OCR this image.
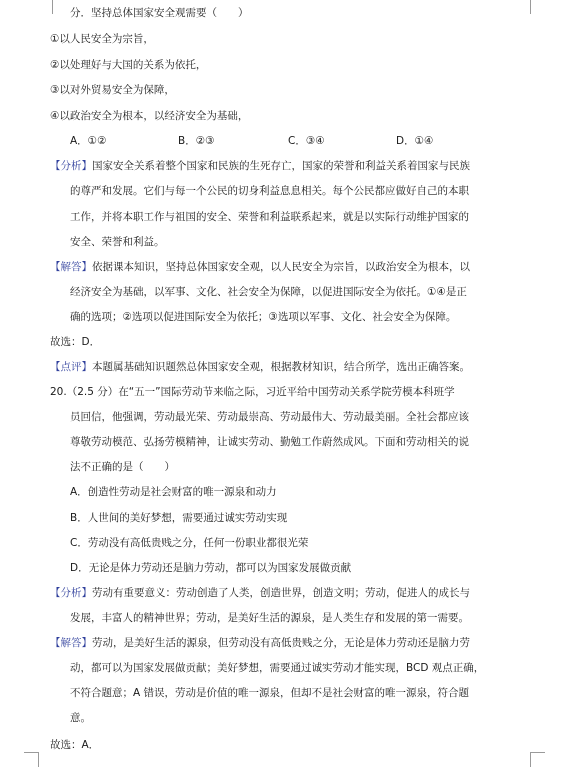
分．坚持总体国家安全观需要（　　）
①以人民安全为宗旨，
②以处理好与大国的关系为依托，
③以对外贸易安全为保障，
④以政治安全为根本，以经济安全为基础，
A．①②	B．②③	C．③④	D．①④
【分析】国家安全关系着整个国家和民族的生死存亡，国家的荣誉和利益关系着国家与民族
的尊严和发展。它们与每一个公民的切身利益息息相关。每个公民都应做好自己的本职
工作，并将本职工作与祖国的安全、荣誉和利益联系起来，就是以实际行动维护国家的
安全、荣誉和利益。
【解答】依据课本知识，坚持总体国家安全观，以人民安全为宗旨，以政治安全为根本，以
经济安全为基础，以军事、文化、社会安全为保障，以促进国际安全为依托。①④是正
确的选项；②选项以促进国际安全为依托；③选项以军事、文化、社会安全为保障。
故选：D．
【点评】本题属基础知识题然总体国家安全观，根据教材知识，结合所学，选出正确答案。
20.（2.5 分）在“五一”国际劳动节来临之际，习近平给中国劳动关系学院劳模本科班学
员回信，他强调，劳动最光荣、劳动最崇高、劳动最伟大、劳动最美丽。全社会都应该
尊敬劳动模范、弘扬劳模精神，让诚实劳动、勤勉工作蔚然成风。下面和劳动相关的说
法不正确的是（　　）
A．创造性劳动是社会财富的唯一源泉和动力
B．人世间的美好梦想，需要通过诚实劳动实现
C．劳动没有高低贵贱之分，任何一份职业都很光荣
D．无论是体力劳动还是脑力劳动，都可以为国家发展做贡献
【分析】劳动有重要意义：劳动创造了人类，创造世界，创造文明；劳动，促进人的成长与
发展，丰富人的精神世界；劳动，是美好生活的源泉，是人类生存和发展的第一需要。
【解答】劳动，是美好生活的源泉，但劳动没有高低贵贱之分，无论是体力劳动还是脑力劳
动，都可以为国家发展做贡献；美好梦想，需要通过诚实劳动才能实现，BCD 观点正确，
不符合题意；A 错误，劳动是价值的唯一源泉，但却不是社会财富的唯一源泉，符合题
意。
故选：A．
